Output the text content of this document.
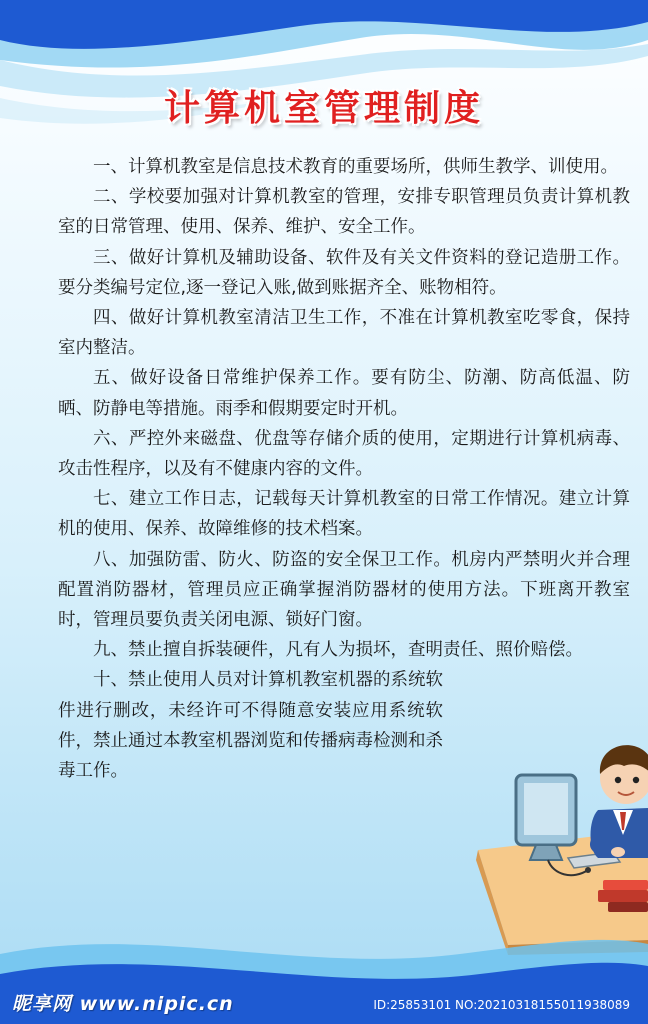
计算机室管理制度

一、计算机教室是信息技术教育的重要场所，供师生教学、训使用。

二、学校要加强对计算机教室的管理，安排专职管理员负责计算机教室的日常管理、使用、保养、维护、安全工作。

三、做好计算机及辅助设备、软件及有关文件资料的登记造册工作。要分类编号定位,逐一登记入账,做到账据齐全、账物相符。

四、做好计算机教室清洁卫生工作，不准在计算机教室吃零食，保持室内整洁。

五、做好设备日常维护保养工作。要有防尘、防潮、防高低温、防晒、防静电等措施。雨季和假期要定时开机。

六、严控外来磁盘、优盘等存储介质的使用，定期进行计算机病毒、攻击性程序，以及有不健康内容的文件。

七、建立工作日志，记载每天计算机教室的日常工作情况。建立计算机的使用、保养、故障维修的技术档案。

八、加强防雷、防火、防盗的安全保卫工作。机房内严禁明火并合理配置消防器材，管理员应正确掌握消防器材的使用方法。下班离开教室时，管理员要负责关闭电源、锁好门窗。

九、禁止擅自拆装硬件，凡有人为损坏，查明责任、照价赔偿。

十、禁止使用人员对计算机教室机器的系统软件进行删改，未经许可不得随意安装应用系统软件，禁止通过本教室机器浏览和传播病毒检测和杀毒工作。

昵享网 www.nipic.cn	ID:25853101 NO:20210318155011938089
